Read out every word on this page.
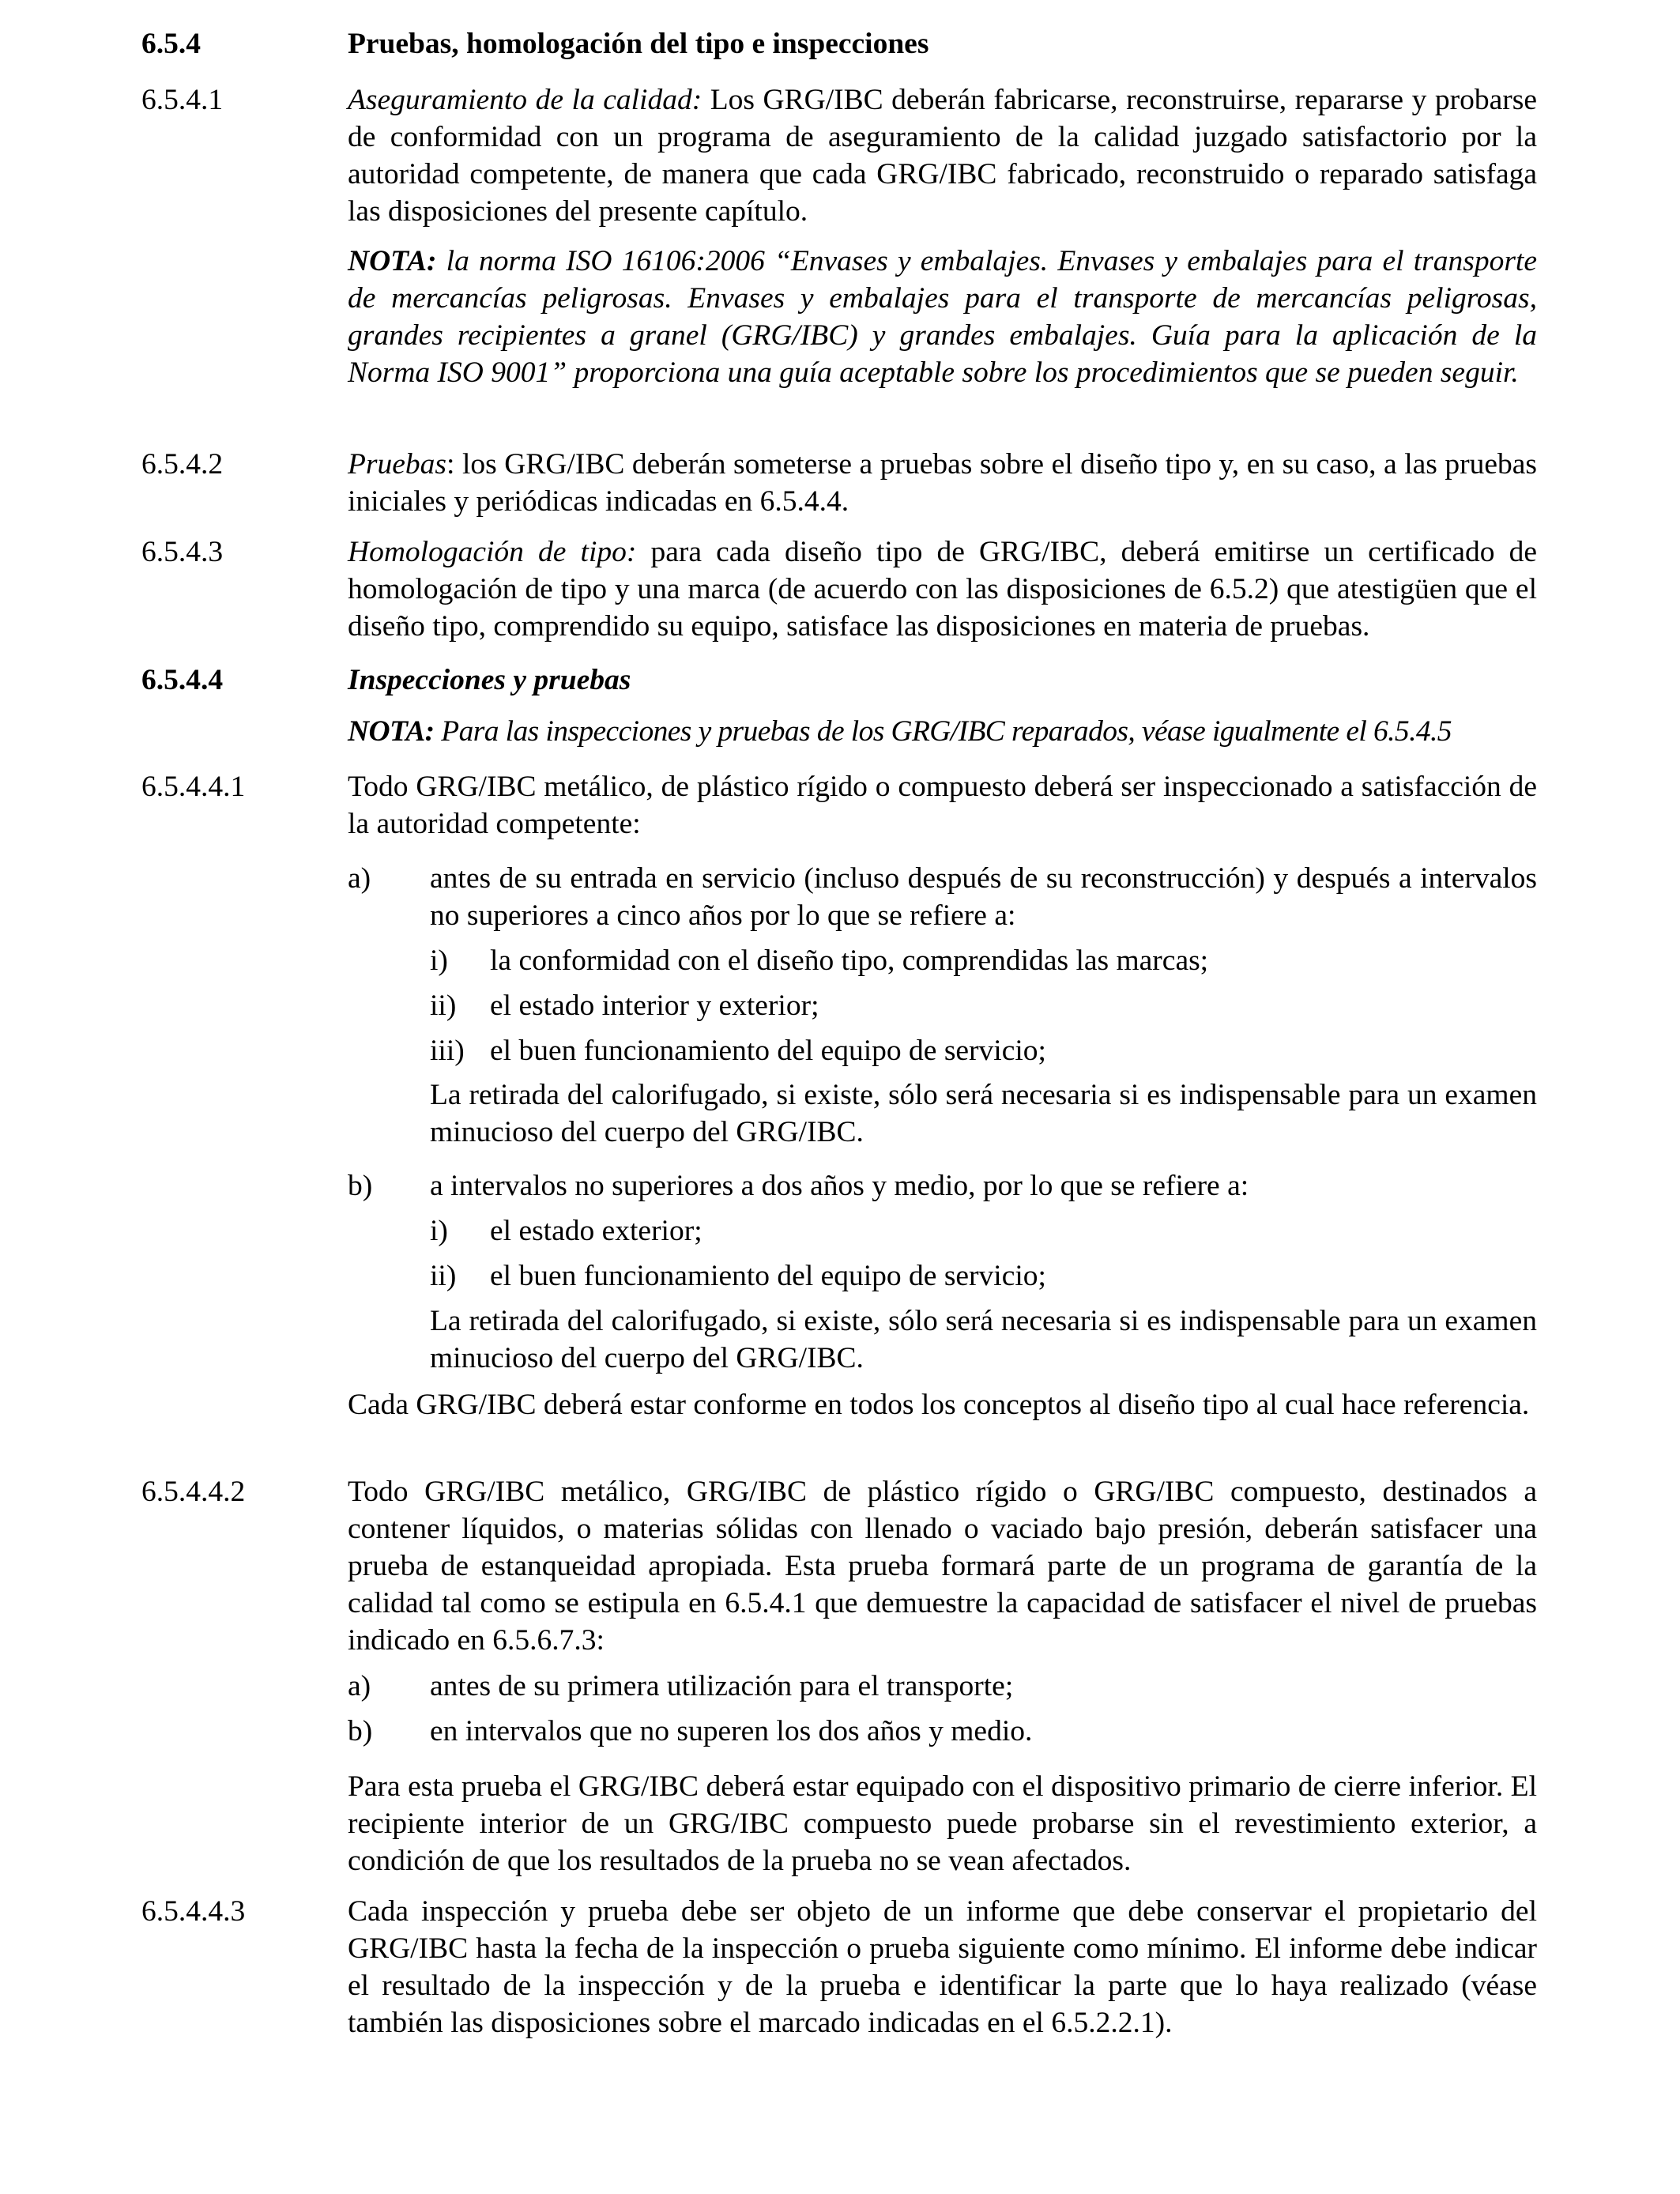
6.5.4	Pruebas, homologación del tipo e inspecciones
6.5.4.1	Aseguramiento de la calidad: Los GRG/IBC deberán fabricarse, reconstruirse, repararse y probarse de conformidad con un programa de aseguramiento de la calidad juzgado satisfactorio por la autoridad competente, de manera que cada GRG/IBC fabricado, reconstruido o reparado satisfaga las disposiciones del presente capítulo.
NOTA: la norma ISO 16106:2006 “Envases y embalajes. Envases y embalajes para el transporte de mercancías peligrosas. Envases y embalajes para el transporte de mercancías peligrosas, grandes recipientes a granel (GRG/IBC) y grandes embalajes. Guía para la aplicación de la Norma ISO 9001” proporciona una guía aceptable sobre los procedimientos que se pueden seguir.
6.5.4.2	Pruebas: los GRG/IBC deberán someterse a pruebas sobre el diseño tipo y, en su caso, a las pruebas iniciales y periódicas indicadas en 6.5.4.4.
6.5.4.3	Homologación de tipo: para cada diseño tipo de GRG/IBC, deberá emitirse un certificado de homologación de tipo y una marca (de acuerdo con las disposiciones de 6.5.2) que atestigüen que el diseño tipo, comprendido su equipo, satisface las disposiciones en materia de pruebas.
6.5.4.4	Inspecciones y pruebas
NOTA: Para las inspecciones y pruebas de los GRG/IBC reparados, véase igualmente el 6.5.4.5
6.5.4.4.1	Todo GRG/IBC metálico, de plástico rígido o compuesto deberá ser inspeccionado a satisfacción de la autoridad competente:
a) antes de su entrada en servicio (incluso después de su reconstrucción) y después a intervalos no superiores a cinco años por lo que se refiere a:
i) la conformidad con el diseño tipo, comprendidas las marcas;
ii) el estado interior y exterior;
iii) el buen funcionamiento del equipo de servicio;
La retirada del calorifugado, si existe, sólo será necesaria si es indispensable para un examen minucioso del cuerpo del GRG/IBC.
b) a intervalos no superiores a dos años y medio, por lo que se refiere a:
i) el estado exterior;
ii) el buen funcionamiento del equipo de servicio;
La retirada del calorifugado, si existe, sólo será necesaria si es indispensable para un examen minucioso del cuerpo del GRG/IBC.
Cada GRG/IBC deberá estar conforme en todos los conceptos al diseño tipo al cual hace referencia.
6.5.4.4.2	Todo GRG/IBC metálico, GRG/IBC de plástico rígido o GRG/IBC compuesto, destinados a contener líquidos, o materias sólidas con llenado o vaciado bajo presión, deberán satisfacer una prueba de estanqueidad apropiada. Esta prueba formará parte de un programa de garantía de la calidad tal como se estipula en 6.5.4.1 que demuestre la capacidad de satisfacer el nivel de pruebas indicado en 6.5.6.7.3:
a) antes de su primera utilización para el transporte;
b) en intervalos que no superen los dos años y medio.
Para esta prueba el GRG/IBC deberá estar equipado con el dispositivo primario de cierre inferior. El recipiente interior de un GRG/IBC compuesto puede probarse sin el revestimiento exterior, a condición de que los resultados de la prueba no se vean afectados.
6.5.4.4.3	Cada inspección y prueba debe ser objeto de un informe que debe conservar el propietario del GRG/IBC hasta la fecha de la inspección o prueba siguiente como mínimo. El informe debe indicar el resultado de la inspección y de la prueba e identificar la parte que lo haya realizado (véase también las disposiciones sobre el marcado indicadas en el 6.5.2.2.1).
